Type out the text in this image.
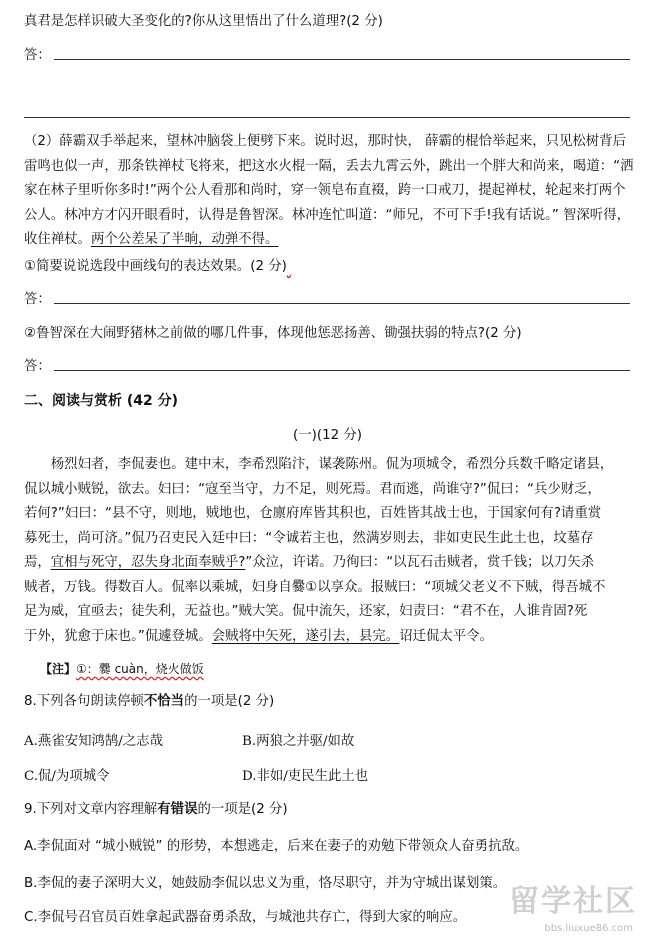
真君是怎样识破大圣变化的?你从这里悟出了什么道理?(2 分)
答：
（2）薛霸双手举起来，望林冲脑袋上便劈下来。说时迟，那时快， 薛霸的棍恰举起来，只见松树背后雷鸣也似一声，那条铁禅杖飞将来，把这水火棍一隔，丢去九霄云外，跳出一个胖大和尚来，喝道：“洒家在林子里听你多时!”两个公人看那和尚时，穿一领皂布直裰，跨一口戒刀，提起禅杖，轮起来打两个公人。林冲方才闪开眼看时，认得是鲁智深。林冲连忙叫道：“师兄，不可下手!我有话说。” 智深听得，收住禅杖。两个公差呆了半晌，动弹不得。
①简要说说选段中画线句的表达效果。(2 分)
答：
②鲁智深在大闹野猪林之前做的哪几件事，体现他惩恶扬善、锄强扶弱的特点?(2 分)
答：
二、阅读与赏析 (42 分)
(一)(12 分)
杨烈妇者，李侃妻也。建中末，李希烈陷汴，谋袭陈州。侃为项城令，希烈分兵数千略定诸县，
侃以城小贼锐，欲去。妇曰：“寇至当守，力不足，则死焉。君而逃，尚谁守?”侃曰：“兵少财乏，
若何?”妇曰：“县不守，则地，贼地也，仓廪府库皆其积也，百姓皆其战士也，于国家何有?请重赏
募死士，尚可济。”侃乃召吏民入廷中曰：“令诚若主也，然满岁则去，非如吏民生此土也，坟墓存
焉，宜相与死守，忍失身北面奉贼乎?”众泣，许诺。乃徇曰：“以瓦石击贼者，赏千钱；以刀矢杀
贼者，万钱。得数百人。侃率以乘城，妇身自爨①以享众。报贼曰：“项城父老义不下贼，得吾城不
足为威，宜亟去；徒失利，无益也。”贼大笑。侃中流矢，还家，妇责曰：“君不在，人谁肯固?死
于外，犹愈于床也。”侃遽登城。会贼将中矢死，遂引去，县完。诏迁侃太平令。
【注】①：爨 cuàn，烧火做饭
8.下列各句朗读停顿不恰当的一项是(2 分)
A.燕雀安知鸿鹄/之志哉	B.两狼之并驱/如故
C.侃/为项城令	D.非如/吏民生此土也
9.下列对文章内容理解有错误的一项是(2 分)
A.李侃面对 “城小贼锐” 的形势，本想逃走，后来在妻子的劝勉下带领众人奋勇抗敌。
B.李侃的妻子深明大义，她鼓励李侃以忠义为重，恪尽职守，并为守城出谋划策。
C.李侃号召官员百姓拿起武器奋勇杀敌，与城池共存亡，得到大家的响应。 留学社区
bbs.liuxue86.com
